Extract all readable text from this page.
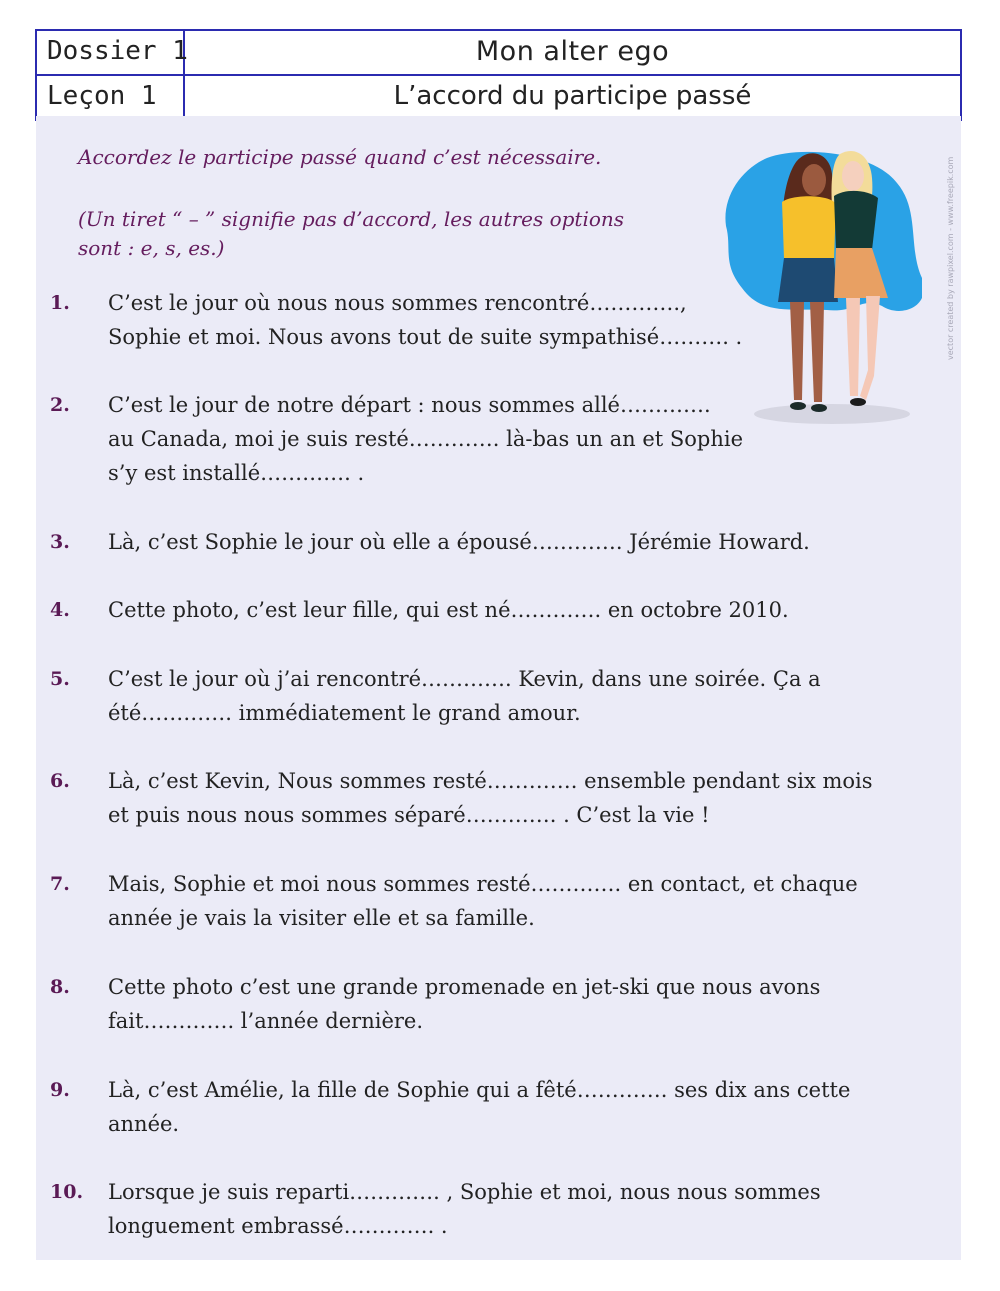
Dossier 1	Mon alter ego
Leçon 1	L’accord du participe passé
Accordez le participe passé quand c’est nécessaire.
(Un tiret “ – ” signifie pas d’accord, les autres options
sont : e, s, es.)	vector created by rawpixel.com - www.freepik.com
1.	C’est le jour où nous nous sommes rencontré………….,
Sophie et moi. Nous avons tout de suite sympathisé………. .
2.	C’est le jour de notre départ : nous sommes allé………….
au Canada, moi je suis resté…………. là-bas un an et Sophie
s’y est installé…………. .
3.	Là, c’est Sophie le jour où elle a épousé…………. Jérémie Howard.
4.	Cette photo, c’est leur fille, qui est né…………. en octobre 2010.
5.	C’est le jour où j’ai rencontré…………. Kevin, dans une soirée. Ça a
été…………. immédiatement le grand amour.
6.	Là, c’est Kevin, Nous sommes resté…………. ensemble pendant six mois
et puis nous nous sommes séparé…………. . C’est la vie !
7.	Mais, Sophie et moi nous sommes resté…………. en contact, et chaque
année je vais la visiter elle et sa famille.
8.	Cette photo c’est une grande promenade en jet-ski que nous avons
fait…………. l’année dernière.
9.	Là, c’est Amélie, la fille de Sophie qui a fêté…………. ses dix ans cette
année.
10.	Lorsque je suis reparti…………. , Sophie et moi, nous nous sommes
longuement embrassé…………. .
